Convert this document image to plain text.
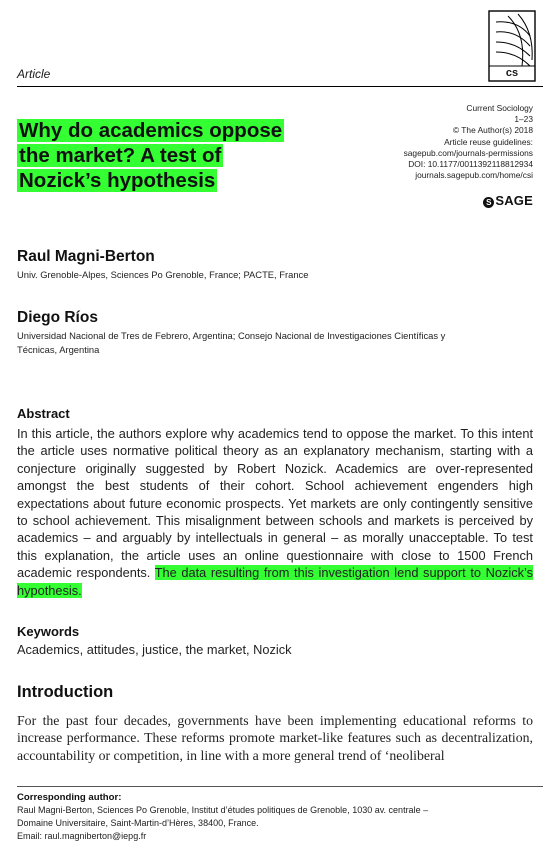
cs
Article
Why do academics oppose
the market? A test of
Nozick’s hypothesis
Current Sociology
1–23
© The Author(s) 2018
Article reuse guidelines:
sagepub.com/journals-permissions
DOI: 10.1177/0011392118812934
journals.sagepub.com/home/csi
S SAGE
Raul Magni-Berton
Univ. Grenoble-Alpes, Sciences Po Grenoble, France; PACTE, France
Diego Ríos
Universidad Nacional de Tres de Febrero, Argentina; Consejo Nacional de Investigaciones Científicas y
Técnicas, Argentina
Abstract
In this article, the authors explore why academics tend to oppose the market. To this intent the article uses normative political theory as an explanatory mechanism, starting with a conjecture originally suggested by Robert Nozick. Academics are over-represented amongst the best students of their cohort. School achievement engenders high expectations about future economic prospects. Yet markets are only contingently sensitive to school achievement. This misalignment between schools and markets is perceived by academics – and arguably by intellectuals in general – as morally unacceptable. To test this explanation, the article uses an online questionnaire with close to 1500 French academic respondents. The data resulting from this investigation lend support to Nozick’s hypothesis.
Keywords
Academics, attitudes, justice, the market, Nozick
Introduction
For the past four decades, governments have been implementing educational reforms to increase performance. These reforms promote market-like features such as decentralization, accountability or competition, in line with a more general trend of ‘neoliberal
Corresponding author:
Raul Magni-Berton, Sciences Po Grenoble, Institut d’études politiques de Grenoble, 1030 av. centrale –
Domaine Universitaire, Saint-Martin-d’Hères, 38400, France.
Email: raul.magniberton@iepg.fr
